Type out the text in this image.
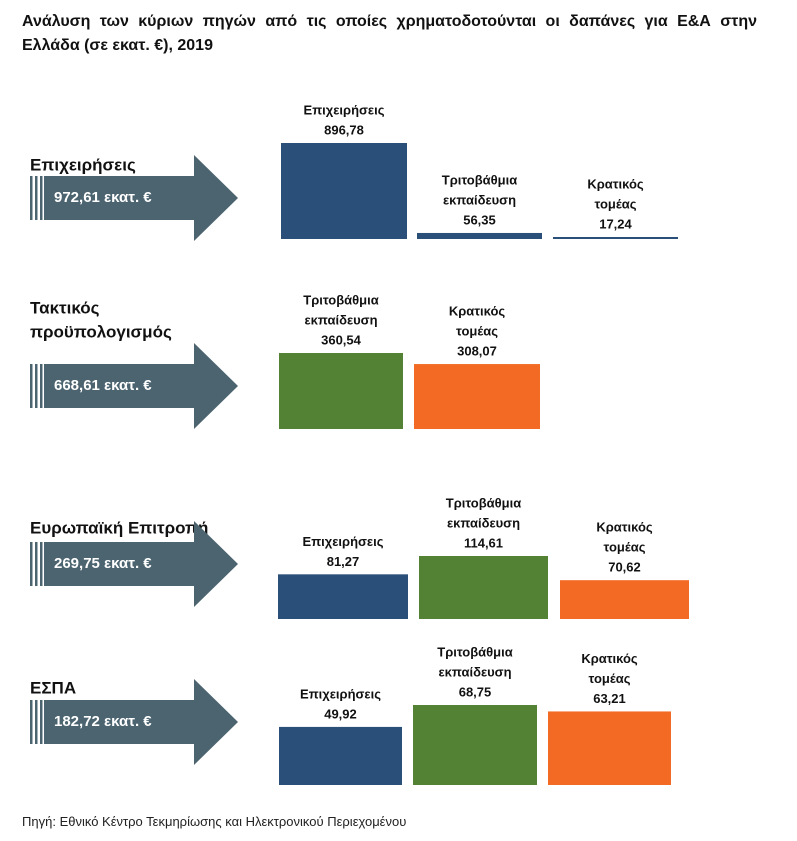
Ανάλυση των κύριων πηγών από τις οποίες χρηματοδοτούνται οι δαπάνες για Ε&Α στην Ελλάδα (σε εκατ. €), 2019
Επιχειρήσεις
972,61 εκατ. €
896,78
Επιχειρήσεις
56,35
Τριτοβάθμια
εκπαίδευση
17,24
Κρατικός
τομέας
Τακτικός
προϋπολογισμός
668,61 εκατ. €
360,54
Τριτοβάθμια
εκπαίδευση
308,07
Κρατικός
τομέας
Ευρωπαϊκή Επιτροπή
269,75 εκατ. €	81,27
Επιχειρήσεις	114,61
Τριτοβάθμια
εκπαίδευση
70,62
Κρατικός
τομέας
ΕΣΠΑ
182,72 εκατ. €	49,92
Επιχειρήσεις	68,75
Τριτοβάθμια
εκπαίδευση
63,21
Κρατικός
τομέας
Πηγή: Εθνικό Κέντρο Τεκμηρίωσης και Ηλεκτρονικού Περιεχομένου
